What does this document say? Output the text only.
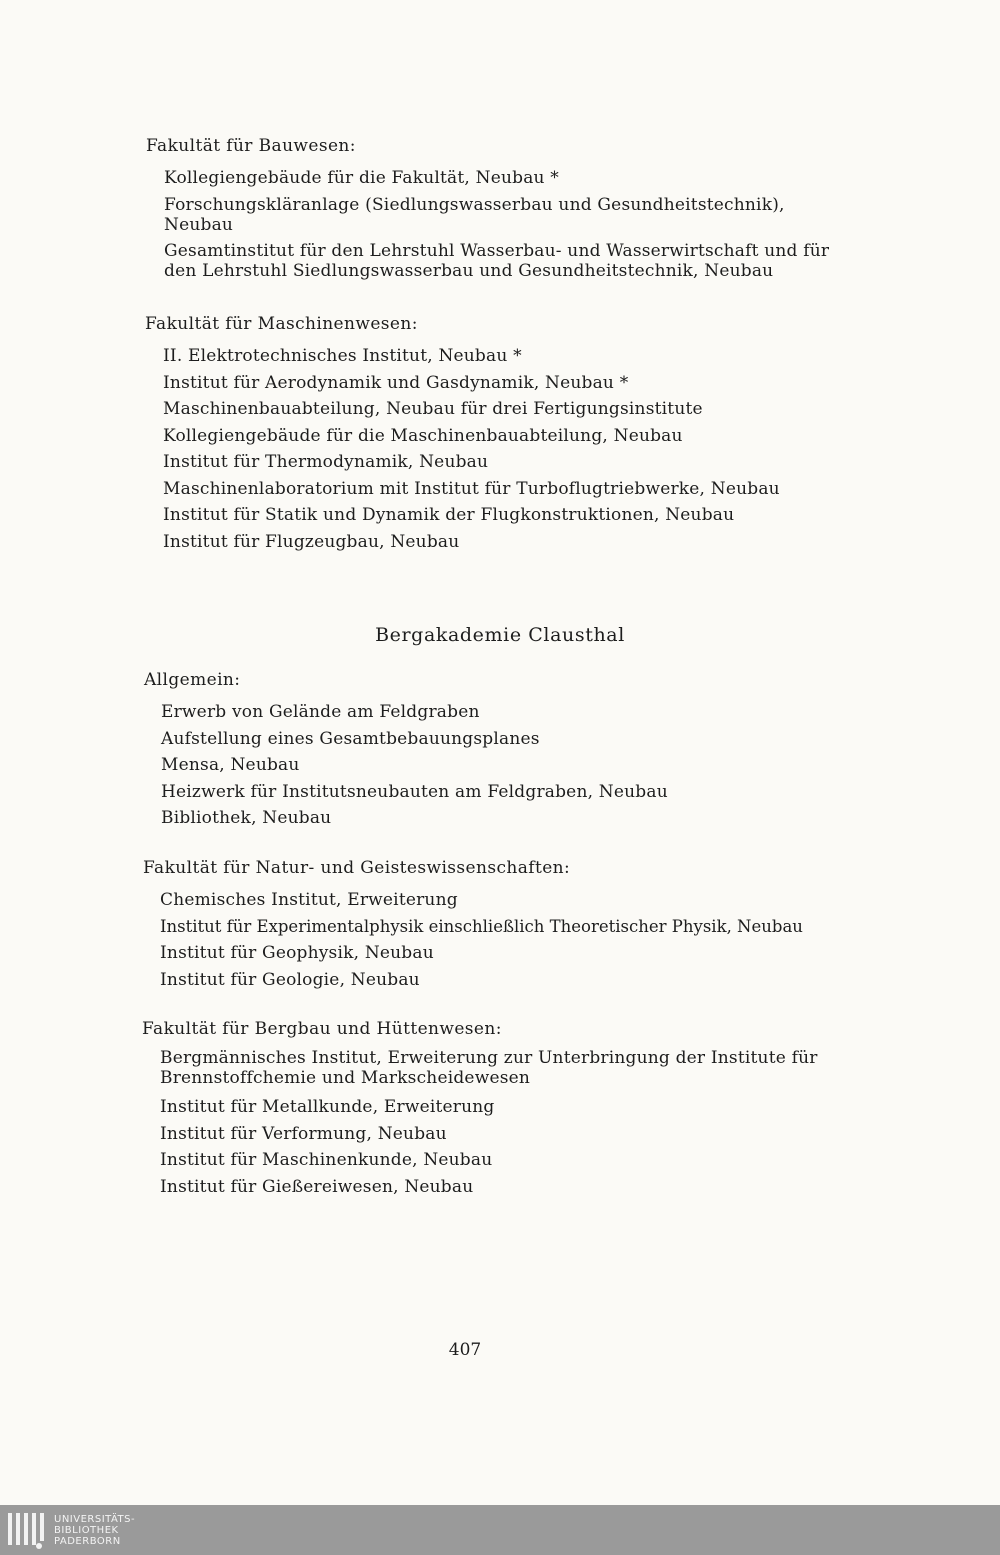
Fakultät für Bauwesen:
Kollegiengebäude für die Fakultät, Neubau *
Forschungskläranlage (Siedlungswasserbau und Gesundheitstechnik), Neubau
Gesamtinstitut für den Lehrstuhl Wasserbau- und Wasserwirtschaft und für den Lehrstuhl Siedlungswasserbau und Gesundheitstechnik, Neubau
Fakultät für Maschinenwesen:
II. Elektrotechnisches Institut, Neubau *
Institut für Aerodynamik und Gasdynamik, Neubau *
Maschinenbauabteilung, Neubau für drei Fertigungsinstitute
Kollegiengebäude für die Maschinenbauabteilung, Neubau
Institut für Thermodynamik, Neubau
Maschinenlaboratorium mit Institut für Turboflugtriebwerke, Neubau
Institut für Statik und Dynamik der Flugkonstruktionen, Neubau
Institut für Flugzeugbau, Neubau
Bergakademie Clausthal
Allgemein:
Erwerb von Gelände am Feldgraben
Aufstellung eines Gesamtbebauungsplanes
Mensa, Neubau
Heizwerk für Institutsneubauten am Feldgraben, Neubau
Bibliothek, Neubau
Fakultät für Natur- und Geisteswissenschaften:
Chemisches Institut, Erweiterung
Institut für Experimentalphysik einschließlich Theoretischer Physik, Neubau
Institut für Geophysik, Neubau
Institut für Geologie, Neubau
Fakultät für Bergbau und Hüttenwesen:
Bergmännisches Institut, Erweiterung zur Unterbringung der Institute für Brennstoffchemie und Markscheidewesen
Institut für Metallkunde, Erweiterung
Institut für Verformung, Neubau
Institut für Maschinenkunde, Neubau
Institut für Gießereiwesen, Neubau
407
UNIVERSITÄTS-
BIBLIOTHEK
PADERBORN
